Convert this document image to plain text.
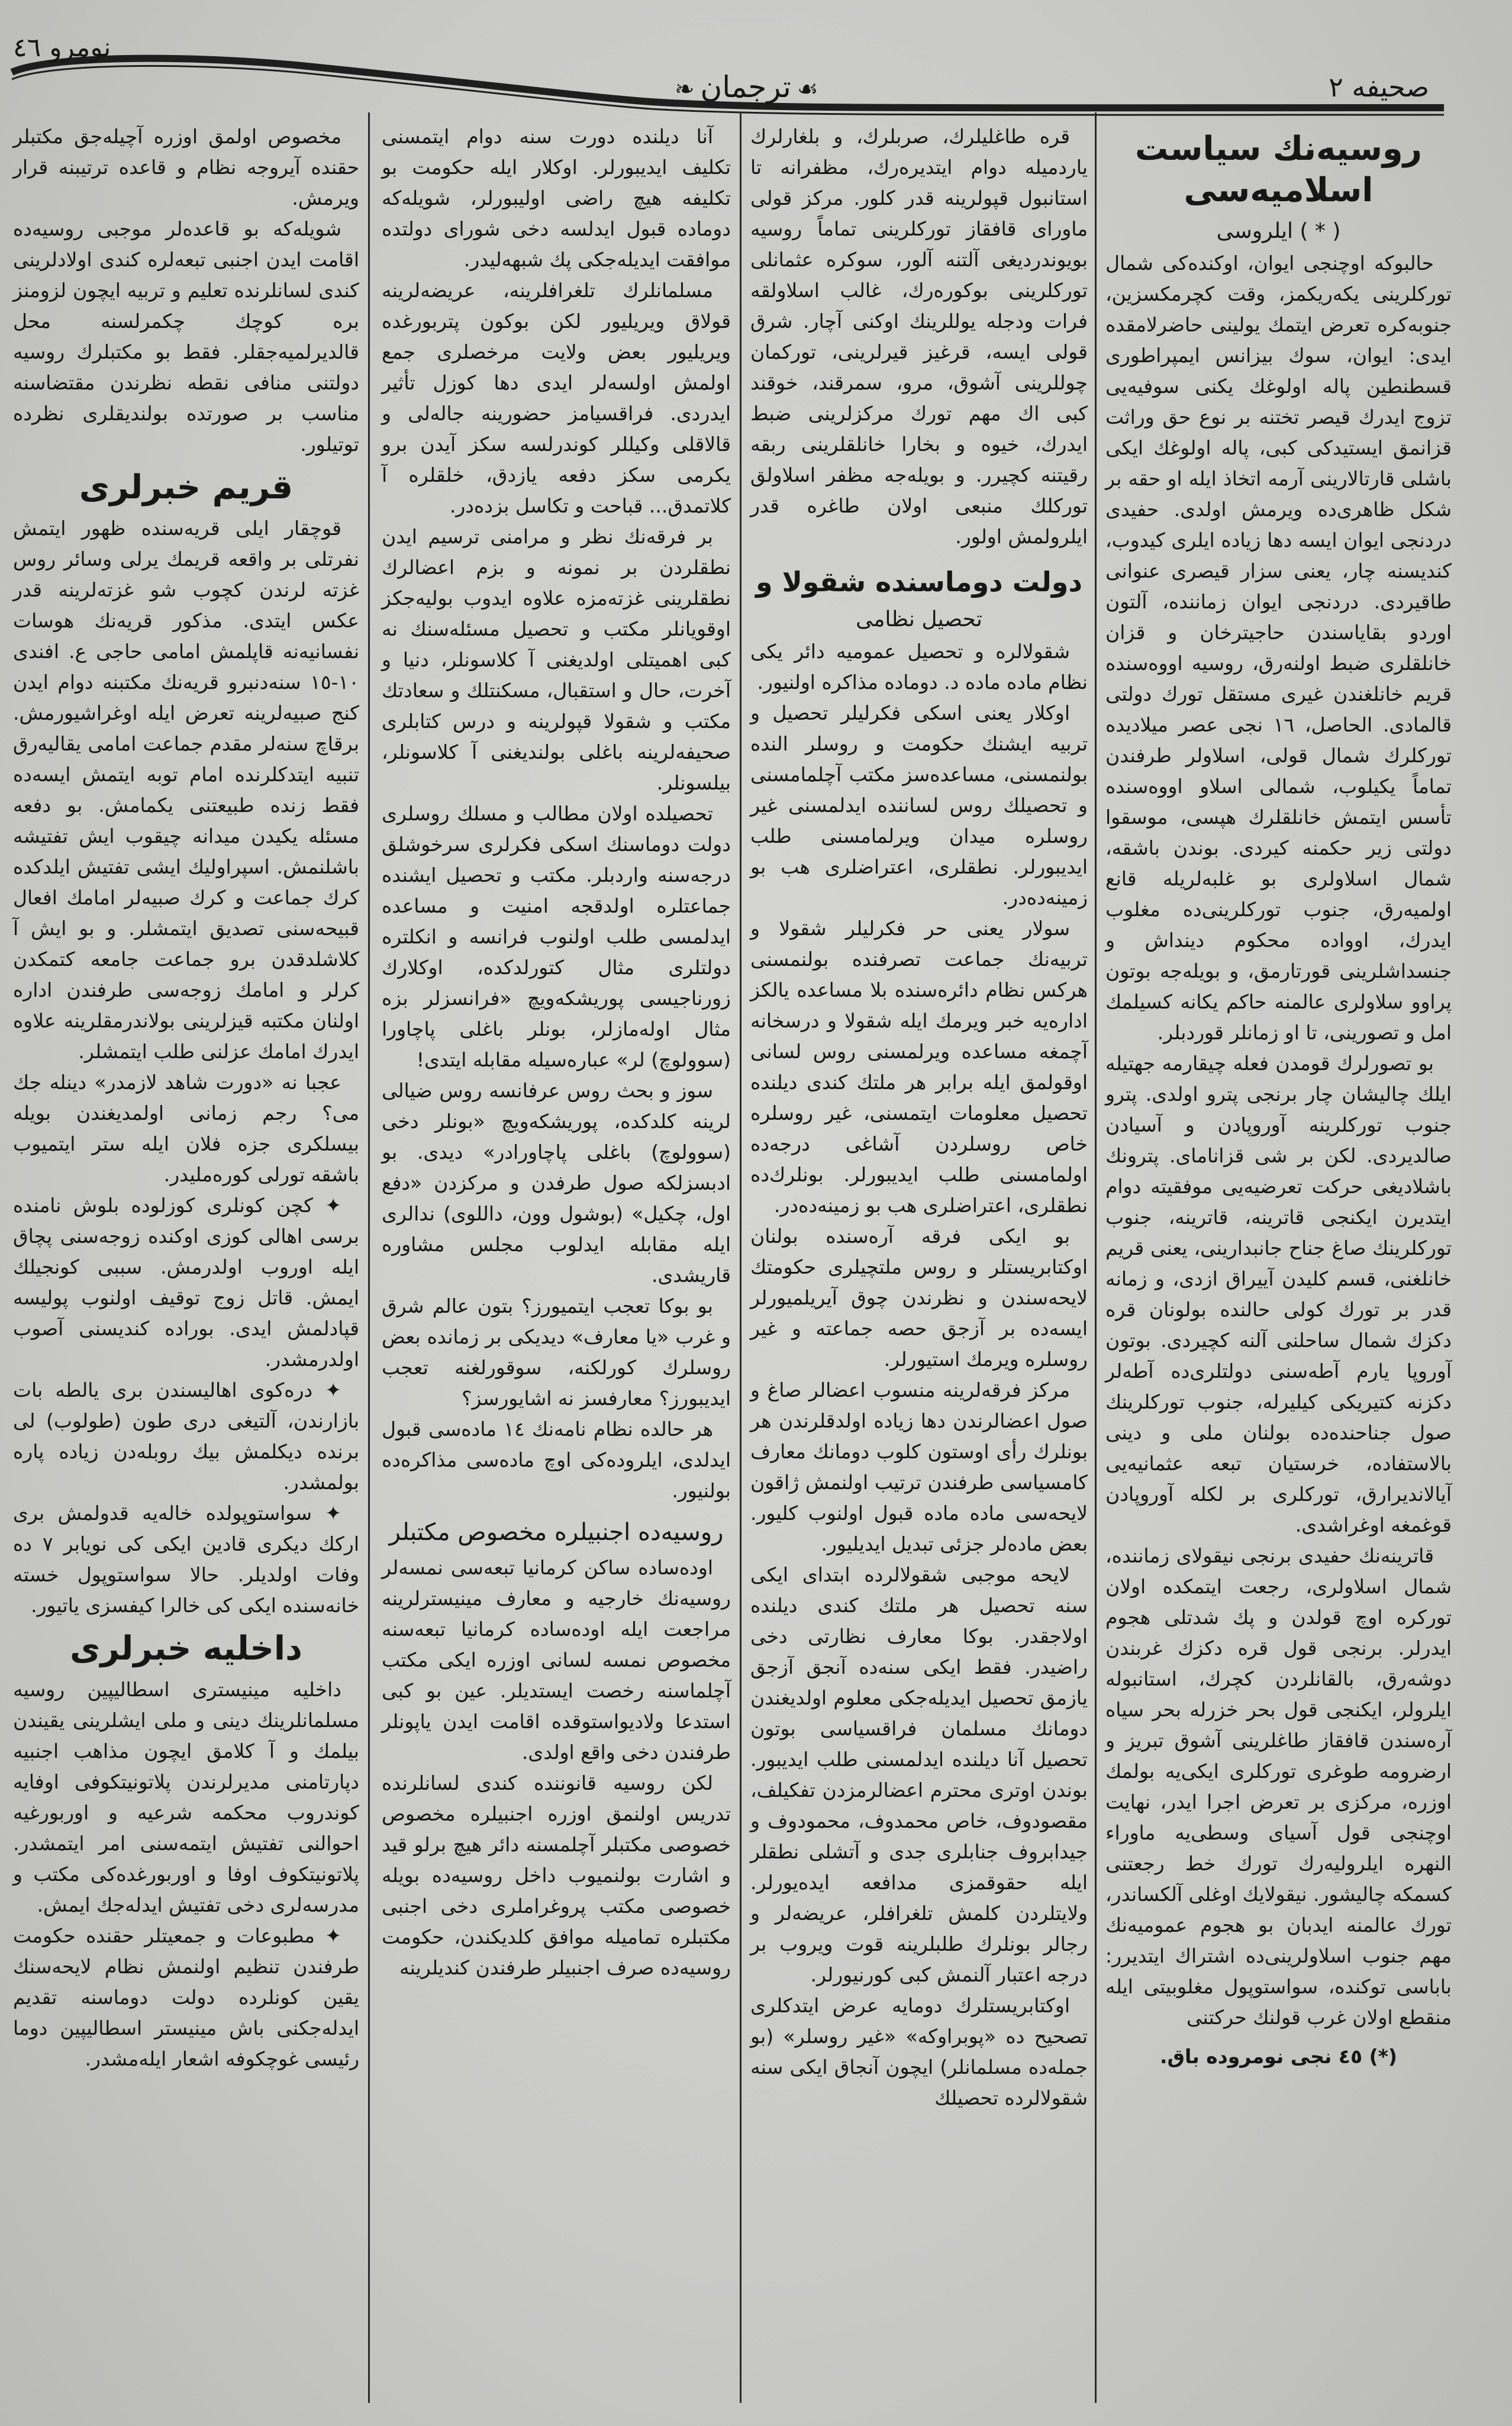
نومرو ٤٦
☙ترجمان❧	صحيفه ٢
روسيه‌نك سياست اسلاميه‌سى
( * ) ايلروسى

حالبوكه اوچنجى ايوان، اوكنده‌كى شمال توركلرينى يكه‌ريكمز، وقت كچرمكسزين، جنوبه‌كره تعرض ايتمك يولينى حاضرلامقده ايدى: ايوان، سوك بيزانس ايمپراطورى قسطنطين پاله اولوغك يكنى سوفيه‌يى تزوج ايدرك قيصر تختنه بر نوع حق وراثت قزانمق ايستيدكى كبى، پاله اولوغك ايكى باشلى قارتالارينى آرمه اتخاذ ايله او حقه بر شكل ظاهرى‌ده ويرمش اولدى. حفيدى دردنجى ايوان ايسه دها زياده ايلرى كيدوب، كنديسنه چار، يعنى سزار قيصرى عنوانى طاقيردى. دردنجى ايوان زماننده، آلتون اوردو بقاياسندن حاجيترخان و قزان خانلقلرى ضبط اولنه‌رق، روسيه اووه‌سنده قريم خانلغندن غيرى مستقل تورك دولتى قالمادى. الحاصل، ١٦ نجى عصر ميلاديده توركلرك شمال قولى، اسلاولر طرفندن تماماً يكيلوب، شمالى اسلاو اووه‌سنده تأسس ايتمش خانلقلرك هپسى، موسقوا دولتى زير حكمنه كيردى. بوندن باشقه، شمال اسلاولرى بو غلبه‌لريله قانع اولميه‌رق، جنوب توركلرينى‌ده مغلوب ايدرك، اوواده محكوم دينداش و جنسداشلرينى قورتارمق، و بويله‌جه بوتون پراوو سلاولرى عالمنه حاكم يكانه كسيلمك امل و تصورينى، تا او زمانلر قوردبلر.

بو تصورلرك قومدن فعله چيقارمه جهتيله ايلك چاليشان چار برنجى پترو اولدى. پترو جنوب توركلرينه آوروپادن و آسيادن صالديردى. لكن بر شى قزاناماى. پترونك باشلاديغى حركت تعرضيه‌يى موفقيته دوام ايتديرن ايكنجى قاترينه، قاترينه، جنوب توركلرينك صاغ جناح جانبدارينى، يعنى قريم خانلغنى، قسم كليدن آييراق ازدى، و زمانه قدر بر تورك كولى حالنده بولونان قره دكزك شمال ساحلنى آلنه كچيردى. بوتون آوروپا يارم آطه‌سنى دولتلرى‌ده آطه‌لر دكزنه كتيريكى كيليرله، جنوب توركلرينك صول جناحنده‌ده بولنان ملى و دينى بالاستفاده، خرستيان تبعه عثمانيه‌يى آيالانديرارق، توركلرى بر لكله آوروپادن قوغمغه اوغراشدى.

قاترينه‌نك حفيدى برنجى نيقولاى زماننده، شمال اسلاولرى، رجعت ايتمكده اولان توركره اوچ قولدن و پك شدتلى هجوم ايدرلر. برنجى قول قره دكزك غربندن دوشه‌رق، بالقانلردن كچرك، استانبوله ايلرولر، ايكنجى قول بحر خزرله بحر سياه آره‌سندن قافقاز طاغلرينى آشوق تبريز و ارضرومه طوغرى توركلرى ايكى‌يه بولمك اوزره، مركزى بر تعرض اجرا ايدر، نهايت اوچنجى قول آسياى وسطى‌يه ماوراء النهره ايلروليه‌رك تورك خط رجعتنى كسمكه چاليشور. نيقولايك اوغلى آلكساندر، تورك عالمنه ايدبان بو هجوم عموميه‌نك مهم جنوب اسلاولرينى‌ده اشتراك ايتديرر: باباسى توكنده، سواستوپول مغلوبيتى ايله منقطع اولان غرب قولنك حركتنى

(*) ٤٥ نجى نومروده باق.

قره طاغليلرك، صربلرك، و بلغارلرك ياردميله دوام ايتديره‌رك، مظفرانه تا استانبول قپولرينه قدر كلور. مركز قولى ماوراى قافقاز توركلرينى تماماً روسيه بويوندرديغى آلتنه آلور، سوكره عثمانلى توركلرينى بوكوره‌رك، غالب اسلاولقه فرات ودجله يوللرينك اوكنى آچار. شرق قولى ايسه، قرغيز قيرلرينى، توركمان چوللرينى آشوق، مرو، سمرقند، خوقند كبى اك مهم تورك مركزلرينى ضبط ايدرك، خيوه و بخارا خانلقلرينى ربقه رقيتنه كچيرر. و بويله‌جه مظفر اسلاولق توركلك منبعى اولان طاغره قدر ايلرولمش اولور.

دولت دوماسنده شقولا و
تحصيل نظامى

شقولالره و تحصيل عموميه دائر يكى نظام ماده ماده د. دوماده مذاكره اولنيور.

اوكلار يعنى اسكى فكرليلر تحصيل و تربيه ايشنك حكومت و روسلر النده بولنمسنى، مساعده‌سز مكتب آچلمامسنى و تحصيلك روس لساننده ايدلمسنى غير روسلره ميدان ويرلمامسنى طلب ايديبورلر. نطقلرى، اعتراضلرى هب بو زمينه‌ده‌در.

سولار يعنى حر فكرليلر شقولا و تربيه‌نك جماعت تصرفنده بولنمسنى هركس نظام دائره‌سنده بلا مساعده يالكز اداره‌يه خبر ويرمك ايله شقولا و درسخانه آچمغه مساعده ويرلمسنى روس لسانى اوقولمق ايله برابر هر ملتك كندى ديلنده تحصيل معلومات ايتمسنى، غير روسلره خاص روسلردن آشاغى درجه‌ده اولمامسنى طلب ايديبورلر. بونلرك‌ده نطقلرى، اعتراضلرى هب بو زمينه‌ده‌در.

بو ايكى فرقه آره‌سنده بولنان اوكتابريستلر و روس ملتچيلرى حكومتك لايحه‌سندن و نظرندن چوق آيريلميورلر ايسه‌ده بر آزجق حصه جماعته و غير روسلره ويرمك استيورلر.

مركز فرقه‌لرينه منسوب اعضالر صاغ و صول اعضالرندن دها زياده اولدقلرندن هر بونلرك رأى اوستون كلوب دومانك معارف كامسياسى طرفندن ترتيب اولنمش ژاقون لايحه‌سى ماده ماده قبول اولنوب كليور. بعض ماده‌لر جزئى تبديل ايديليور.

لايحه موجبى شقولالرده ابتداى ايكى سنه تحصيل هر ملتك كندى ديلنده اولاجقدر. بوكا معارف نظارتى دخى راضيدر. فقط ايكى سنه‌ده آنجق آزجق يازمق تحصيل ايديله‌جكى معلوم اولديغندن دومانك مسلمان فراقسياسى بوتون تحصيل آنا ديلنده ايدلمسنى طلب ايديبور. بوندن اوترى محترم اعضالرمزدن تفكيلف، مقصودوف، خاص محمدوف، محمودوف و جيدابروف جنابلرى جدى و آتشلى نطقلر ايله حقوقمزى مدافعه ايده‌يورلر. ولايتلردن كلمش تلغرافلر، عريضه‌لر و رجالر بونلرك طلبلرينه قوت ويروب بر درجه اعتبار آلنمش كبى كورنيورلر.

اوكتابريستلرك دومايه عرض ايتدكلرى تصحيح ده «پوبراوكه» «غير روسلر» (بو جمله‌ده مسلمانلر) ايچون آنجاق ايكى سنه شقولالرده تحصيلك

آنا ديلنده دورت سنه دوام ايتمسنى تكليف ايديبورلر. اوكلار ايله حكومت بو تكليفه هيچ راضى اوليبورلر، شويله‌كه دوماده قبول ايدلسه دخى شوراى دولتده موافقت ايديله‌جكى پك شبهه‌ليدر.

مسلمانلرك تلغرافلرينه، عريضه‌لرينه قولاق ويريليور لكن بوكون پتربورغده ويريليور بعض ولايت مرخصلرى جمع اولمش اولسه‌لر ايدى دها كوزل تأثير ايدردى. فراقسيامز حضورينه جاله‌لى و قالاقلى وكيللر كوندرلسه سكز آيدن برو يكرمى سكز دفعه يازدق، خلقلره آ كلاتمدق... قباحت و تكاسل بزده‌در.

بر فرقه‌نك نظر و مرامنى ترسيم ايدن نطقلردن بر نمونه و بزم اعضالرك نطقلرينى غزته‌مزه علاوه ايدوب بوليه‌جكز اوقويانلر مكتب و تحصيل مسئله‌سنك نه كبى اهميتلى اولديغنى آ كلاسونلر، دنيا و آخرت، حال و استقبال، مسكنتلك و سعادتك مكتب و شقولا قپولرينه و درس كتابلرى صحيفه‌لرينه باغلى بولنديغنى آ كلاسونلر، بيلسونلر.

تحصيلده اولان مطالب و مسلك روسلرى دولت دوماسنك اسكى فكرلرى سرخوشلق درجه‌سنه واردبلر. مكتب و تحصيل ايشنده جماعتلره اولدقجه امنيت و مساعده ايدلمسى طلب اولنوب فرانسه و انكلتره دولتلرى مثال كتورلدكده، اوكلارك زورناجيسى پوريشكه‌ويچ «فرانسزلر بزه مثال اوله‌مازلر، بونلر باغلى پاچاورا (سوولوچ) لر» عباره‌سيله مقابله ايتدى!

سوز و بحث روس عرفانسه روس ضيالى لرينه كلدكده، پوريشكه‌ويچ «بونلر دخى (سوولوچ) باغلى پاچاورادر» ديدى. بو ادبسزلكه صول طرفدن و مركزدن «دفع اول، چكيل» (بوشول وون، داللوى) ندالرى ايله مقابله ايدلوب مجلس مشاوره قاريشدى.

بو بوكا تعجب ايتميورز؟ بتون عالم شرق و غرب «يا معارف» ديديكى بر زمانده بعض روسلرك كورلكنه، سوقورلغنه تعجب ايديبورز؟ معارفسز نه اشايورسز؟

هر حالده نظام نامه‌نك ١٤ ماده‌سى قبول ايدلدى، ايلروده‌كى اوچ ماده‌سى مذاكره‌ده بولنيور.

روسيه‌ده اجنبيلره مخصوص مكتبلر

اوده‌ساده ساكن كرمانيا تبعه‌سى نمسه‌لر روسيه‌نك خارجيه و معارف مينيسترلرينه مراجعت ايله اوده‌ساده كرمانيا تبعه‌سنه مخصوص نمسه لسانى اوزره ايكى مكتب آچلماسنه رخصت ايستديلر. عين بو كبى استدعا ولاديواستوقده اقامت ايدن ياپونلر طرفندن دخى واقع اولدى.

لكن روسيه قانوننده كندى لسانلرنده تدريس اولنمق اوزره اجنبيلره مخصوص خصوصى مكتبلر آچلمسنه دائر هيچ برلو قيد و اشارت بولنميوب داخل روسيه‌ده بويله خصوصى مكتب پروغراملرى دخى اجنبى مكتبلره تماميله موافق كلديكندن، حكومت روسيه‌ده صرف اجنبيلر طرفندن كنديلرينه

مخصوص اولمق اوزره آچيله‌جق مكتبلر حقنده آيروجه نظام و قاعده ترتيبنه قرار ويرمش.

شويله‌كه بو قاعده‌لر موجبى روسيه‌ده اقامت ايدن اجنبى تبعه‌لره كندى اولادلرينى كندى لسانلرنده تعليم و تربيه ايچون لزومنز بره كوچك چكمرلسنه محل قالديرلميه‌جقلر. فقط بو مكتبلرك روسيه دولتنى منافى نقطه نظرندن مقتضاسنه مناسب بر صورتده بولنديقلرى نظرده توتيلور.

قريم خبرلرى

قوچقار ايلى قريه‌سنده ظهور ايتمش نفرتلى بر واقعه قريمك يرلى وسائر روس غزته لرندن كچوب شو غزته‌لرينه قدر عكس ايتدى. مذكور قريه‌نك هوسات نفسانيه‌نه قاپلمش امامى حاجى ع. افندى ١٠-١٥ سنه‌دنبرو قريه‌نك مكتبنه دوام ايدن كنج صبيه‌لرينه تعرض ايله اوغراشيورمش. برقاچ سنه‌لر مقدم جماعت امامى يقاليه‌رق تنبيه ايتدكلرنده امام توبه ايتمش ايسه‌ده فقط زنده طبيعتنى يكمامش. بو دفعه مسئله يكيدن ميدانه چيقوب ايش تفتيشه باشلنمش. اسپراوليك ايشى تفتيش ايلدكده كرك جماعت و كرك صبيه‌لر امامك افعال قبيحه‌سنى تصديق ايتمشلر. و بو ايش آ كلاشلدقدن برو جماعت جامعه كتمكدن كرلر و امامك زوجه‌سى طرفندن اداره اولنان مكتبه قيزلرينى بولاندرمقلرينه علاوه ايدرك امامك عزلنى طلب ايتمشلر.

عجبا نه «دورت شاهد لازمدر» دينله جك مى؟ رجم زمانى اولمديغندن بويله بيسلكرى جزه فلان ايله ستر ايتميوب باشقه تورلى كوره‌مليدر.

✦ كچن كونلرى كوزلوده بلوش نامنده برسى اهالى كوزى اوكنده زوجه‌سنى پچاق ايله اوروب اولدرمش. سببى كونجيلك ايمش. قاتل زوج توقيف اولنوب پوليسه قپادلمش ايدى. بوراده كنديسنى آصوب اولدرمشدر.

✦ دره‌كوى اهاليسندن برى يالطه بات بازارندن، آلتيغى درى طون (طولوب) لى برنده ديكلمش بيك روبله‌دن زياده پاره بولمشدر.

✦ سواستوپولده خاله‌يه قدولمش برى اركك ديكرى قادين ايكى كى نويابر ٧ ده وفات اولديلر. حالا سواستوپول خسته خانه‌سنده ايكى كى خالرا كيفسزى ياتيور.

داخليه خبرلرى

داخليه مينيسترى اسطاليپين روسيه مسلمانلرينك دينى و ملى ايشلرينى يقيندن بيلمك و آ كلامق ايچون مذاهب اجنبيه دپارتامنى مديرلرندن پلاتونيتكوفى اوفايه كوندروب محكمه شرعيه و اوربورغيه احوالنى تفتيش ايتمه‌سنى امر ايتمشدر. پلاتونيتكوف اوفا و اوربورغده‌كى مكتب و مدرسه‌لرى دخى تفتيش ايدله‌جك ايمش.

✦ مطبوعات و جمعيتلر حقنده حكومت طرفندن تنظيم اولنمش نظام لايحه‌سنك يقين كونلرده دولت دوماسنه تقديم ايدله‌جكنى باش مينيستر اسطاليپين دوما رئيسى غوچكوفه اشعار ايله‌مشدر.
